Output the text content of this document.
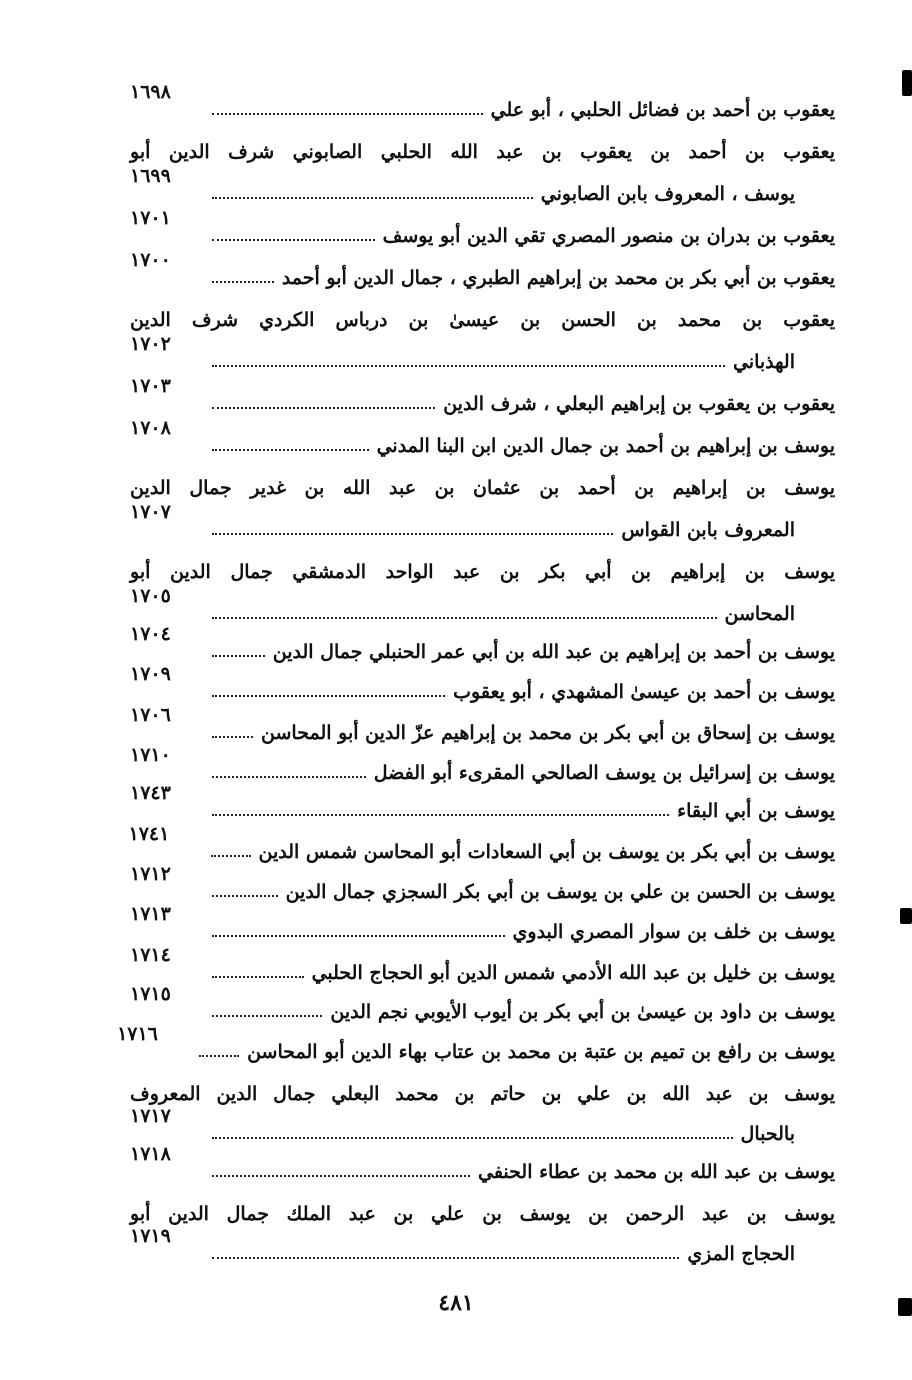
يعقوب بن أحمد بن فضائل الحلبي ، أبو علي
١٦٩٨
يعقوب بن أحمد بن يعقوب بن عبد الله الحلبي الصابوني شرف الدين أبو
يوسف ، المعروف بابن الصابوني
١٦٩٩
يعقوب بن بدران بن منصور المصري تقي الدين أبو يوسف
١٧٠١
يعقوب بن أبي بكر بن محمد بن إبراهيم الطبري ، جمال الدين أبو أحمد
١٧٠٠
يعقوب بن محمد بن الحسن بن عيسىٰ بن درباس الكردي شرف الدين
الهذباني
١٧٠٢
يعقوب بن يعقوب بن إبراهيم البعلي ، شرف الدين
١٧٠٣
يوسف بن إبراهيم بن أحمد بن جمال الدين ابن البنا المدني
١٧٠٨
يوسف بن إبراهيم بن أحمد بن عثمان بن عبد الله بن غدير جمال الدين
المعروف بابن القواس
١٧٠٧
يوسف بن إبراهيم بن أبي بكر بن عبد الواحد الدمشقي جمال الدين أبو
المحاسن
١٧٠٥
يوسف بن أحمد بن إبراهيم بن عبد الله بن أبي عمر الحنبلي جمال الدين
١٧٠٤
يوسف بن أحمد بن عيسىٰ المشهدي ، أبو يعقوب
١٧٠٩
يوسف بن إسحاق بن أبي بكر بن محمد بن إبراهيم عزّ الدين أبو المحاسن
١٧٠٦
يوسف بن إسرائيل بن يوسف الصالحي المقرىء أبو الفضل
١٧١٠
يوسف بن أبي البقاء
١٧٤٣
يوسف بن أبي بكر بن يوسف بن أبي السعادات أبو المحاسن شمس الدين
١٧٤١
يوسف بن الحسن بن علي بن يوسف بن أبي بكر السجزي جمال الدين
١٧١٢
يوسف بن خلف بن سوار المصري البدوي
١٧١٣
يوسف بن خليل بن عبد الله الأدمي شمس الدين أبو الحجاج الحلبي
١٧١٤
يوسف بن داود بن عيسىٰ بن أبي بكر بن أيوب الأيوبي نجم الدين
١٧١٥
يوسف بن رافع بن تميم بن عتبة بن محمد بن عتاب بهاء الدين أبو المحاسن
١٧١٦
يوسف بن عبد الله بن علي بن حاتم بن محمد البعلي جمال الدين المعروف
بالحبال
١٧١٧
يوسف بن عبد الله بن محمد بن عطاء الحنفي
١٧١٨
يوسف بن عبد الرحمن بن يوسف بن علي بن عبد الملك جمال الدين أبو
الحجاج المزي
١٧١٩
٤٨١
